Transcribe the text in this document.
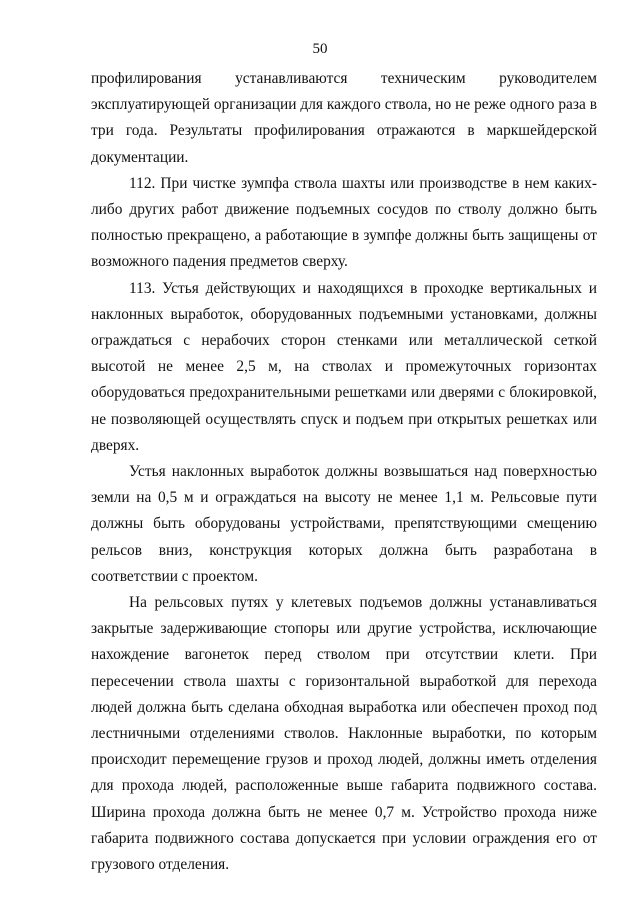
50

профилирования устанавливаются техническим руководителем эксплуатирующей организации для каждого ствола, но не реже одного раза в три года. Результаты профилирования отражаются в маркшейдерской документации.

112. При чистке зумпфа ствола шахты или производстве в нем каких-либо других работ движение подъемных сосудов по стволу должно быть полностью прекращено, а работающие в зумпфе должны быть защищены от возможного падения предметов сверху.

113. Устья действующих и находящихся в проходке вертикальных и наклонных выработок, оборудованных подъемными установками, должны ограждаться с нерабочих сторон стенками или металлической сеткой высотой не менее 2,5 м, на стволах и промежуточных горизонтах оборудоваться предохранительными решетками или дверями с блокировкой, не позволяющей осуществлять спуск и подъем при открытых решетках или дверях.

Устья наклонных выработок должны возвышаться над поверхностью земли на 0,5 м и ограждаться на высоту не менее 1,1 м. Рельсовые пути должны быть оборудованы устройствами, препятствующими смещению рельсов вниз, конструкция которых должна быть разработана в соответствии с проектом.

На рельсовых путях у клетевых подъемов должны устанавливаться закрытые задерживающие стопоры или другие устройства, исключающие нахождение вагонеток перед стволом при отсутствии клети. При пересечении ствола шахты с горизонтальной выработкой для перехода людей должна быть сделана обходная выработка или обеспечен проход под лестничными отделениями стволов. Наклонные выработки, по которым происходит перемещение грузов и проход людей, должны иметь отделения для прохода людей, расположенные выше габарита подвижного состава. Ширина прохода должна быть не менее 0,7 м. Устройство прохода ниже габарита подвижного состава допускается при условии ограждения его от грузового отделения.
